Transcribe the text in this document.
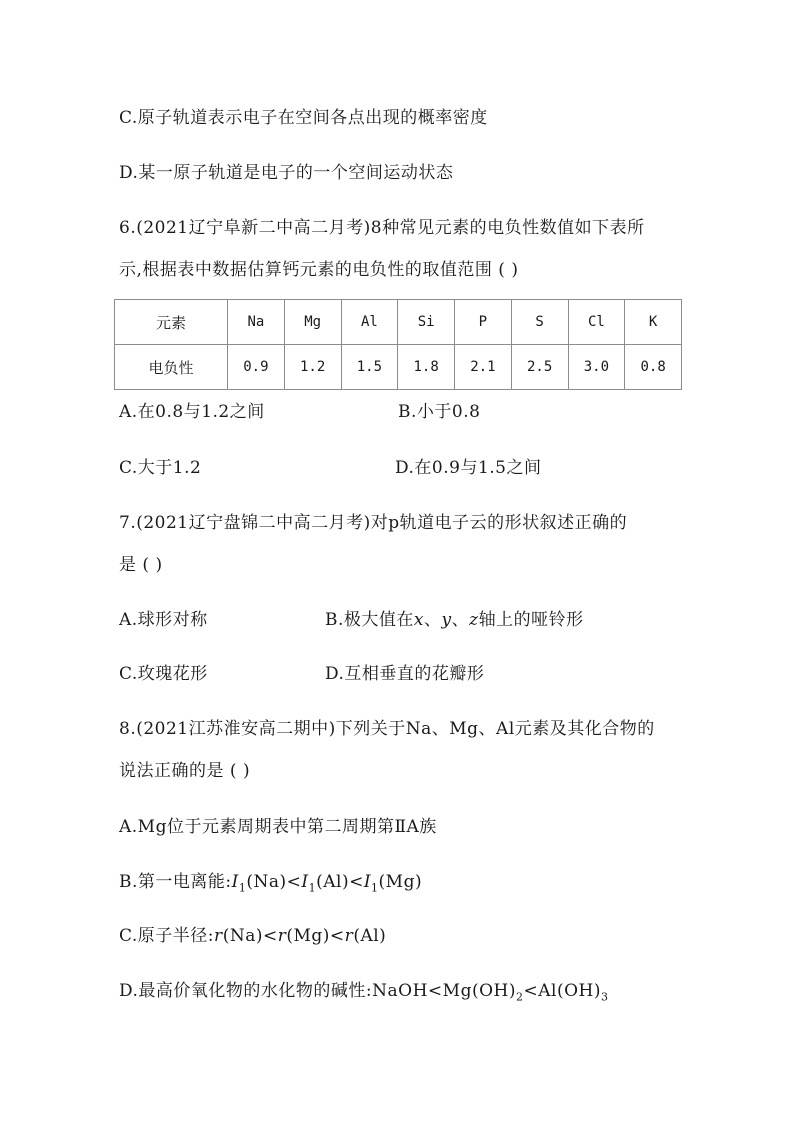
C.原子轨道表示电子在空间各点出现的概率密度
D.某一原子轨道是电子的一个空间运动状态
6.(2021辽宁阜新二中高二月考)8种常见元素的电负性数值如下表所
示,根据表中数据估算钙元素的电负性的取值范围 ( )
元素	Na	Mg	Al	Si	P	S	Cl	K
电负性	0.9	1.2	1.5	1.8	2.1	2.5	3.0	0.8
A.在0.8与1.2之间	B.小于0.8
C.大于1.2	D.在0.9与1.5之间
7.(2021辽宁盘锦二中高二月考)对p轨道电子云的形状叙述正确的
是 ( )
A.球形对称	B.极大值在x、y、z轴上的哑铃形
C.玫瑰花形	D.互相垂直的花瓣形
8.(2021江苏淮安高二期中)下列关于Na、Mg、Al元素及其化合物的
说法正确的是 ( )
A.Mg位于元素周期表中第二周期第ⅡA族
B.第一电离能$:I_1(Na)<I_1(Al)<I_1(Mg)$
C.原子半径:r(Na)<r(Mg)<r(Al)
D.最高价氧化物的水化物的碱性$:NaOH<Mg(OH)_2<Al(OH)_3$
